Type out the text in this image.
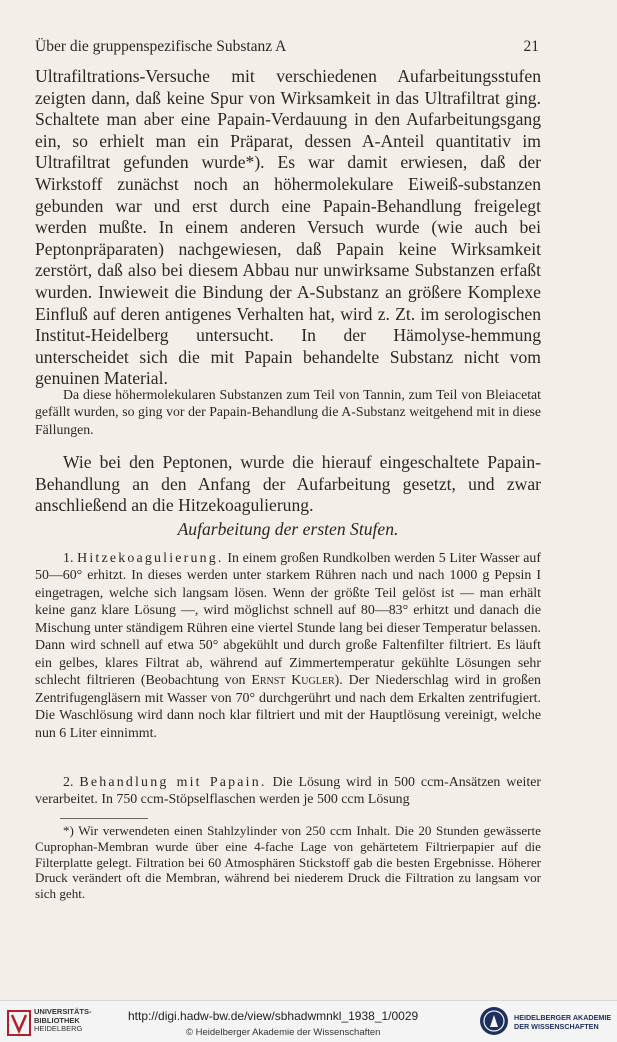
Über die gruppenspezifische Substanz A	21

Ultrafiltrations-Versuche mit verschiedenen Aufarbeitungsstufen zeigten dann, daß keine Spur von Wirksamkeit in das Ultrafiltrat ging. Schaltete man aber eine Papain-Verdauung in den Aufarbeitungsgang ein, so erhielt man ein Präparat, dessen A-Anteil quantitativ im Ultrafiltrat gefunden wurde*). Es war damit erwiesen, daß der Wirkstoff zunächst noch an höhermolekulare Eiweiß-substanzen gebunden war und erst durch eine Papain-Behandlung freigelegt werden mußte. In einem anderen Versuch wurde (wie auch bei Peptonpräparaten) nachgewiesen, daß Papain keine Wirksamkeit zerstört, daß also bei diesem Abbau nur unwirksame Substanzen erfaßt wurden. Inwieweit die Bindung der A-Substanz an größere Komplexe Einfluß auf deren antigenes Verhalten hat, wird z. Zt. im serologischen Institut-Heidelberg untersucht. In der Hämolyse-hemmung unterscheidet sich die mit Papain behandelte Substanz nicht vom genuinen Material.

Da diese höhermolekularen Substanzen zum Teil von Tannin, zum Teil von Bleiacetat gefällt wurden, so ging vor der Papain-Behandlung die A-Substanz weitgehend mit in diese Fällungen.

Wie bei den Peptonen, wurde die hierauf eingeschaltete Papain-Behandlung an den Anfang der Aufarbeitung gesetzt, und zwar anschließend an die Hitzekoagulierung.

Aufarbeitung der ersten Stufen.

1. Hitzekoagulierung. In einem großen Rundkolben werden 5 Liter Wasser auf 50—60° erhitzt. In dieses werden unter starkem Rühren nach und nach 1000 g Pepsin I eingetragen, welche sich langsam lösen. Wenn der größte Teil gelöst ist — man erhält keine ganz klare Lösung —, wird möglichst schnell auf 80—83° erhitzt und danach die Mischung unter ständigem Rühren eine viertel Stunde lang bei dieser Temperatur belassen. Dann wird schnell auf etwa 50° abgekühlt und durch große Faltenfilter filtriert. Es läuft ein gelbes, klares Filtrat ab, während auf Zimmertemperatur gekühlte Lösungen sehr schlecht filtrieren (Beobachtung von Ernst Kugler). Der Niederschlag wird in großen Zentrifugengläsern mit Wasser von 70° durchgerührt und nach dem Erkalten zentrifugiert. Die Waschlösung wird dann noch klar filtriert und mit der Hauptlösung vereinigt, welche nun 6 Liter einnimmt.

2. Behandlung mit Papain. Die Lösung wird in 500 ccm-Ansätzen weiter verarbeitet. In 750 ccm-Stöpselflaschen werden je 500 ccm Lösung

*) Wir verwendeten einen Stahlzylinder von 250 ccm Inhalt. Die 20 Stunden gewässerte Cuprophan-Membran wurde über eine 4-fache Lage von gehärtetem Filtrierpapier auf die Filterplatte gelegt. Filtration bei 60 Atmosphären Stickstoff gab die besten Ergebnisse. Höherer Druck verändert oft die Membran, während bei niederem Druck die Filtration zu langsam vor sich geht.

UNIVERSITÄTS-
BIBLIOTHEK
HEIDELBERG
http://digi.hadw-bw.de/view/sbhadwmnkl_1938_1/0029
© Heidelberger Akademie der Wissenschaften
HEIDELBERGER AKADEMIE
DER WISSENSCHAFTEN
